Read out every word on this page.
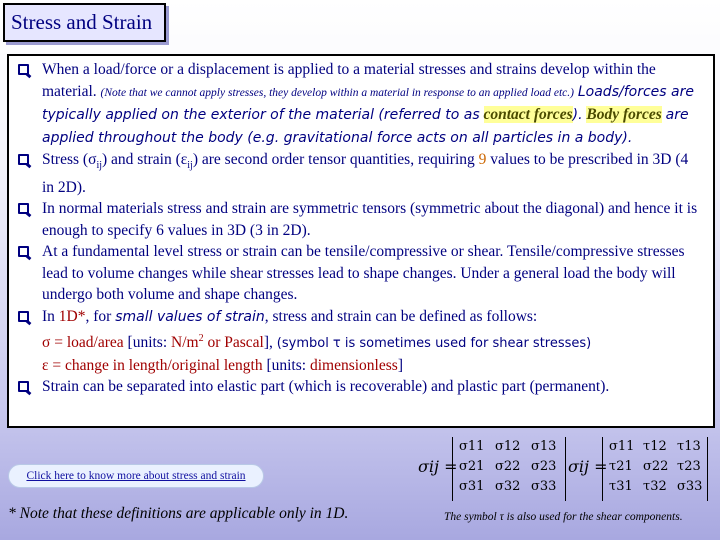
Stress and Strain
When a load/force or a displacement is applied to a material stresses and strains develop within the material. (Note that we cannot apply stresses, they develop within a material in response to an applied load etc.) Loads/forces are typically applied on the exterior of the material (referred to as contact forces). Body forces are applied throughout the body (e.g. gravitational force acts on all particles in a body).
Stress $(\sigma_{ij})$ and strain $(\varepsilon_{ij})$ are second order tensor quantities, requiring 9 values to be prescribed in 3D (4 in 2D).
In normal materials stress and strain are symmetric tensors (symmetric about the diagonal) and hence it is enough to specify 6 values in 3D (3 in 2D).
At a fundamental level stress or strain can be tensile/compressive or shear. Tensile/compressive stresses lead to volume changes while shear stresses lead to shape changes. Under a general load the body will undergo both volume and shape changes.
In 1D*, for small values of strain, stress and strain can be defined as follows:
σ = load/area [units: $N/m^2$ or Pascal], (symbol τ is sometimes used for shear stresses)
ε = change in length/original length [units: dimensionless]
Strain can be separated into elastic part (which is recoverable) and plastic part (permanent).
Click here to know more about stress and strain	σij =
σ11 σ12 σ13
σ21 σ22 σ23
σ31 σ32 σ33
σij =
σ11 τ12 τ13
τ21 σ22 τ23
τ31 τ32 σ33
* Note that these definitions are applicable only in 1D.	The symbol τ is also used for the shear components.
